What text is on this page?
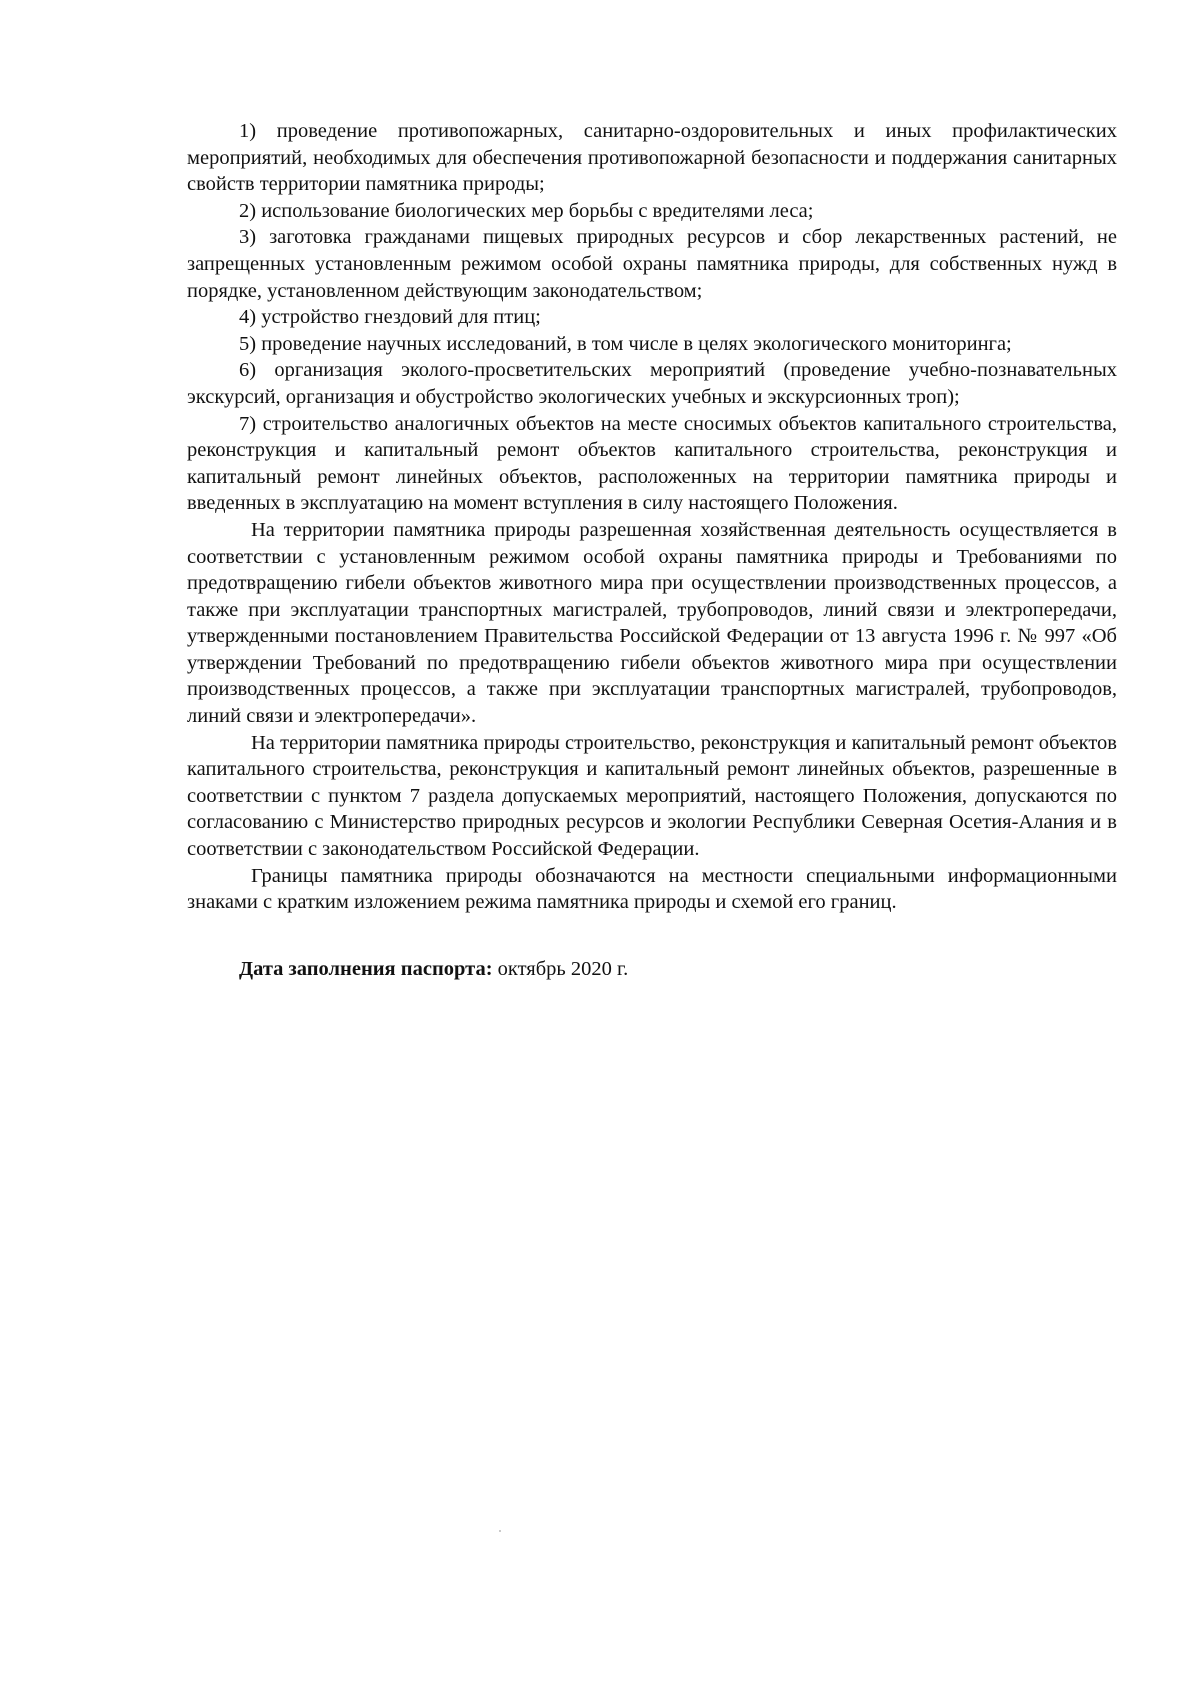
1) проведение противопожарных, санитарно-оздоровительных и иных профилактических мероприятий, необходимых для обеспечения противопожарной безопасности и поддержания санитарных свойств территории памятника природы;

2) использование биологических мер борьбы с вредителями леса;

3) заготовка гражданами пищевых природных ресурсов и сбор лекарственных растений, не запрещенных установленным режимом особой охраны памятника природы, для собственных нужд в порядке, установленном действующим законодательством;

4) устройство гнездовий для птиц;

5) проведение научных исследований, в том числе в целях экологического мониторинга;

6) организация эколого-просветительских мероприятий (проведение учебно-познавательных экскурсий, организация и обустройство экологических учебных и экскурсионных троп);

7) строительство аналогичных объектов на месте сносимых объектов капитального строительства, реконструкция и капитальный ремонт объектов капитального строительства, реконструкция и капитальный ремонт линейных объектов, расположенных на территории памятника природы и введенных в эксплуатацию на момент вступления в силу настоящего Положения.

На территории памятника природы разрешенная хозяйственная деятельность осуществляется в соответствии с установленным режимом особой охраны памятника природы и Требованиями по предотвращению гибели объектов животного мира при осуществлении производственных процессов, а также при эксплуатации транспортных магистралей, трубопроводов, линий связи и электропередачи, утвержденными постановлением Правительства Российской Федерации от 13 августа 1996 г. № 997 «Об утверждении Требований по предотвращению гибели объектов животного мира при осуществлении производственных процессов, а также при эксплуатации транспортных магистралей, трубопроводов, линий связи и электропередачи».

На территории памятника природы строительство, реконструкция и капитальный ремонт объектов капитального строительства, реконструкция и капитальный ремонт линейных объектов, разрешенные в соответствии с пунктом 7 раздела допускаемых мероприятий, настоящего Положения, допускаются по согласованию с Министерство природных ресурсов и экологии Республики Северная Осетия-Алания и в соответствии с законодательством Российской Федерации.

Границы памятника природы обозначаются на местности специальными информационными знаками с кратким изложением режима памятника природы и схемой его границ.

Дата заполнения паспорта: октябрь 2020 г.
